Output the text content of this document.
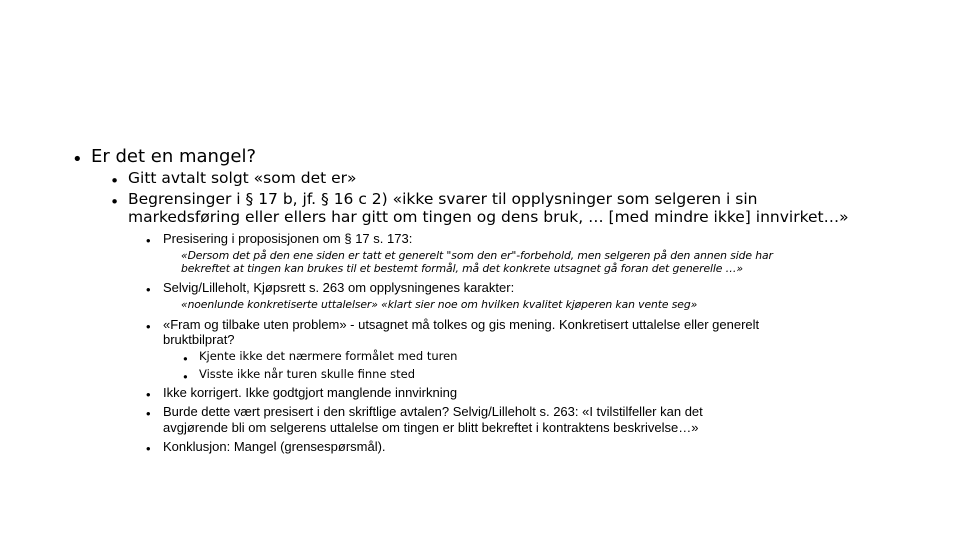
• Er det en mangel?
• Gitt avtalt solgt «som det er»
• Begrensinger i § 17 b, jf. § 16 c 2) «ikke svarer til opplysninger som selgeren i sin
markedsføring eller ellers har gitt om tingen og dens bruk, … [med mindre ikke] innvirket…»
• Presisering i proposisjonen om § 17 s. 173:
«Dersom det på den ene siden er tatt et generelt "som den er"-forbehold, men selgeren på den annen side har
bekreftet at tingen kan brukes til et bestemt formål, må det konkrete utsagnet gå foran det generelle …»
• Selvig/Lilleholt, Kjøpsrett s. 263 om opplysningenes karakter:
«noenlunde konkretiserte uttalelser» «klart sier noe om hvilken kvalitet kjøperen kan vente seg»
• «Fram og tilbake uten problem» - utsagnet må tolkes og gis mening. Konkretisert uttalelse eller generelt
bruktbilprat?
• Kjente ikke det nærmere formålet med turen
• Visste ikke når turen skulle finne sted
• Ikke korrigert. Ikke godtgjort manglende innvirkning
• Burde dette vært presisert i den skriftlige avtalen? Selvig/Lilleholt s. 263: «I tvilstilfeller kan det
avgjørende bli om selgerens uttalelse om tingen er blitt bekreftet i kontraktens beskrivelse…»
• Konklusjon: Mangel (grensespørsmål).
